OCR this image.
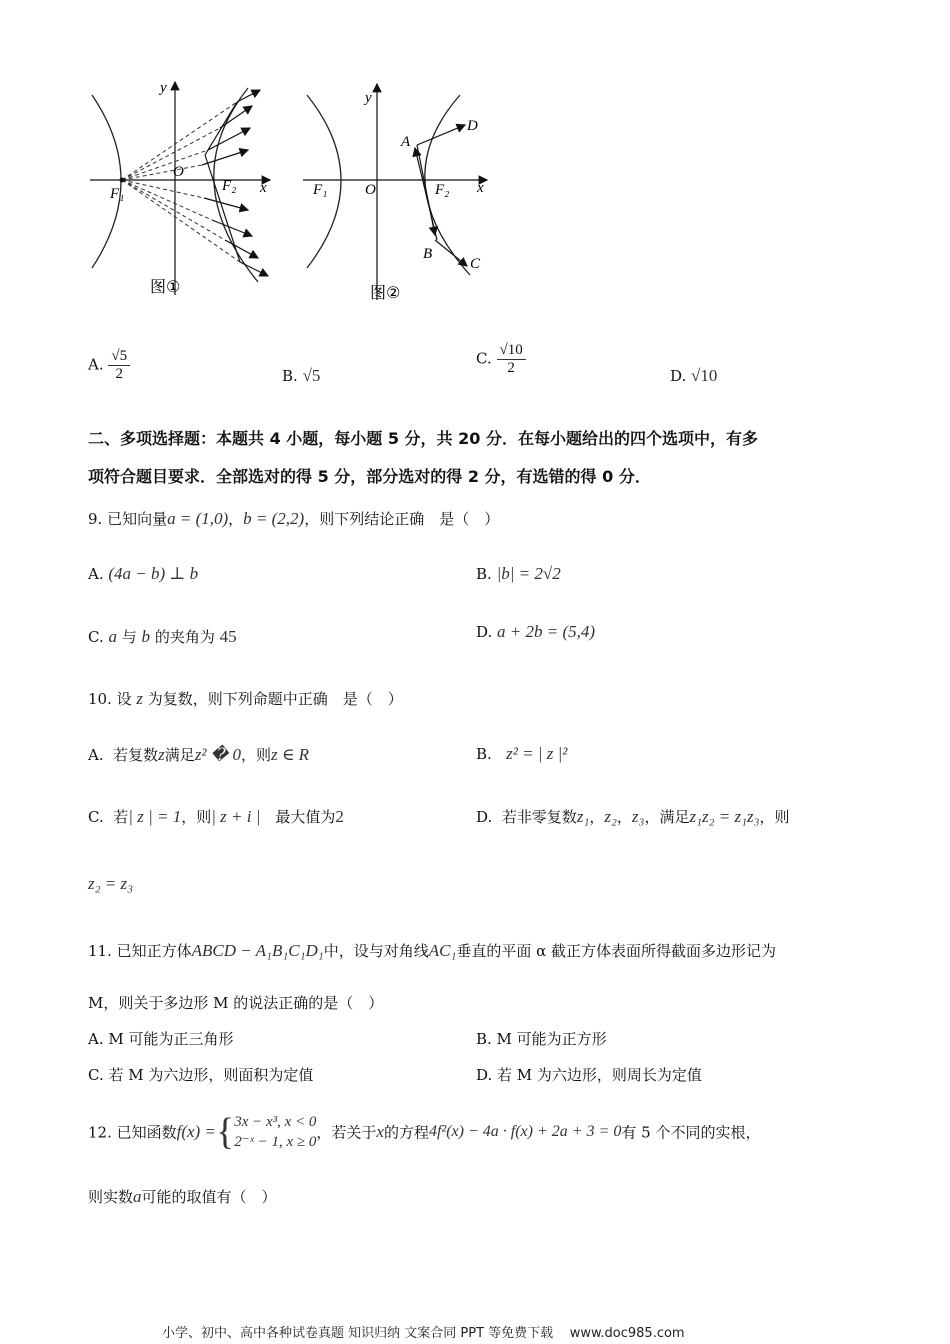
y
x
O
F₁	F₂
图①
y
x
O
F₁	F₂
A
B
C
D
图②
A. $\frac{√5}{2}$	B. √5
C. $\frac{√10}{2}$	D. √10
二、多项选择题：本题共 4 小题，每小题 5 分，共 20 分．在每小题给出的四个选项中，有多
项符合题目要求．全部选对的得 5 分，部分选对的得 2 分，有选错的得 0 分．
9. 已知向量a = (1,0)，b = (2,2)，则下列结论正确　是（　）
A. (4a − b) ⊥ b	B. |b| = 2√2
C. a 与 b 的夹角为 45	D. a + 2b = (5,4)
10. 设 z 为复数，则下列命题中正确　是（　）
A. 若复数z满足z² � 0，则z ∈ R	B. z² = | z |²
C. 若| z | = 1，则| z + i |　最大值为2	D. 若非零复数z₁，z₂，z₃，满足z₁z₂ = z₁z₃，则
z₂ = z₃
11. 已知正方体ABCD − A₁B₁C₁D₁中，设与对角线AC₁垂直的平面 α 截正方体表面所得截面多边形记为
M，则关于多边形 M 的说法正确的是（　）
A. M 可能为正三角形	B. M 可能为正方形
C. 若 M 为六边形，则面积为定值	D. 若 M 为六边形，则周长为定值
12. 已知函数f(x) ={ 3x − x³, x < 0
2⁻ˣ − 1, x ≥ 0
，若关于x的方程4f²(x) − 4a · f(x) + 2a + 3 = 0有 5 个不同的实根，
则实数a可能的取值有（　）
小学、初中、高中各种试卷真题 知识归纳 文案合同 PPT 等免费下载 www.doc985.com
